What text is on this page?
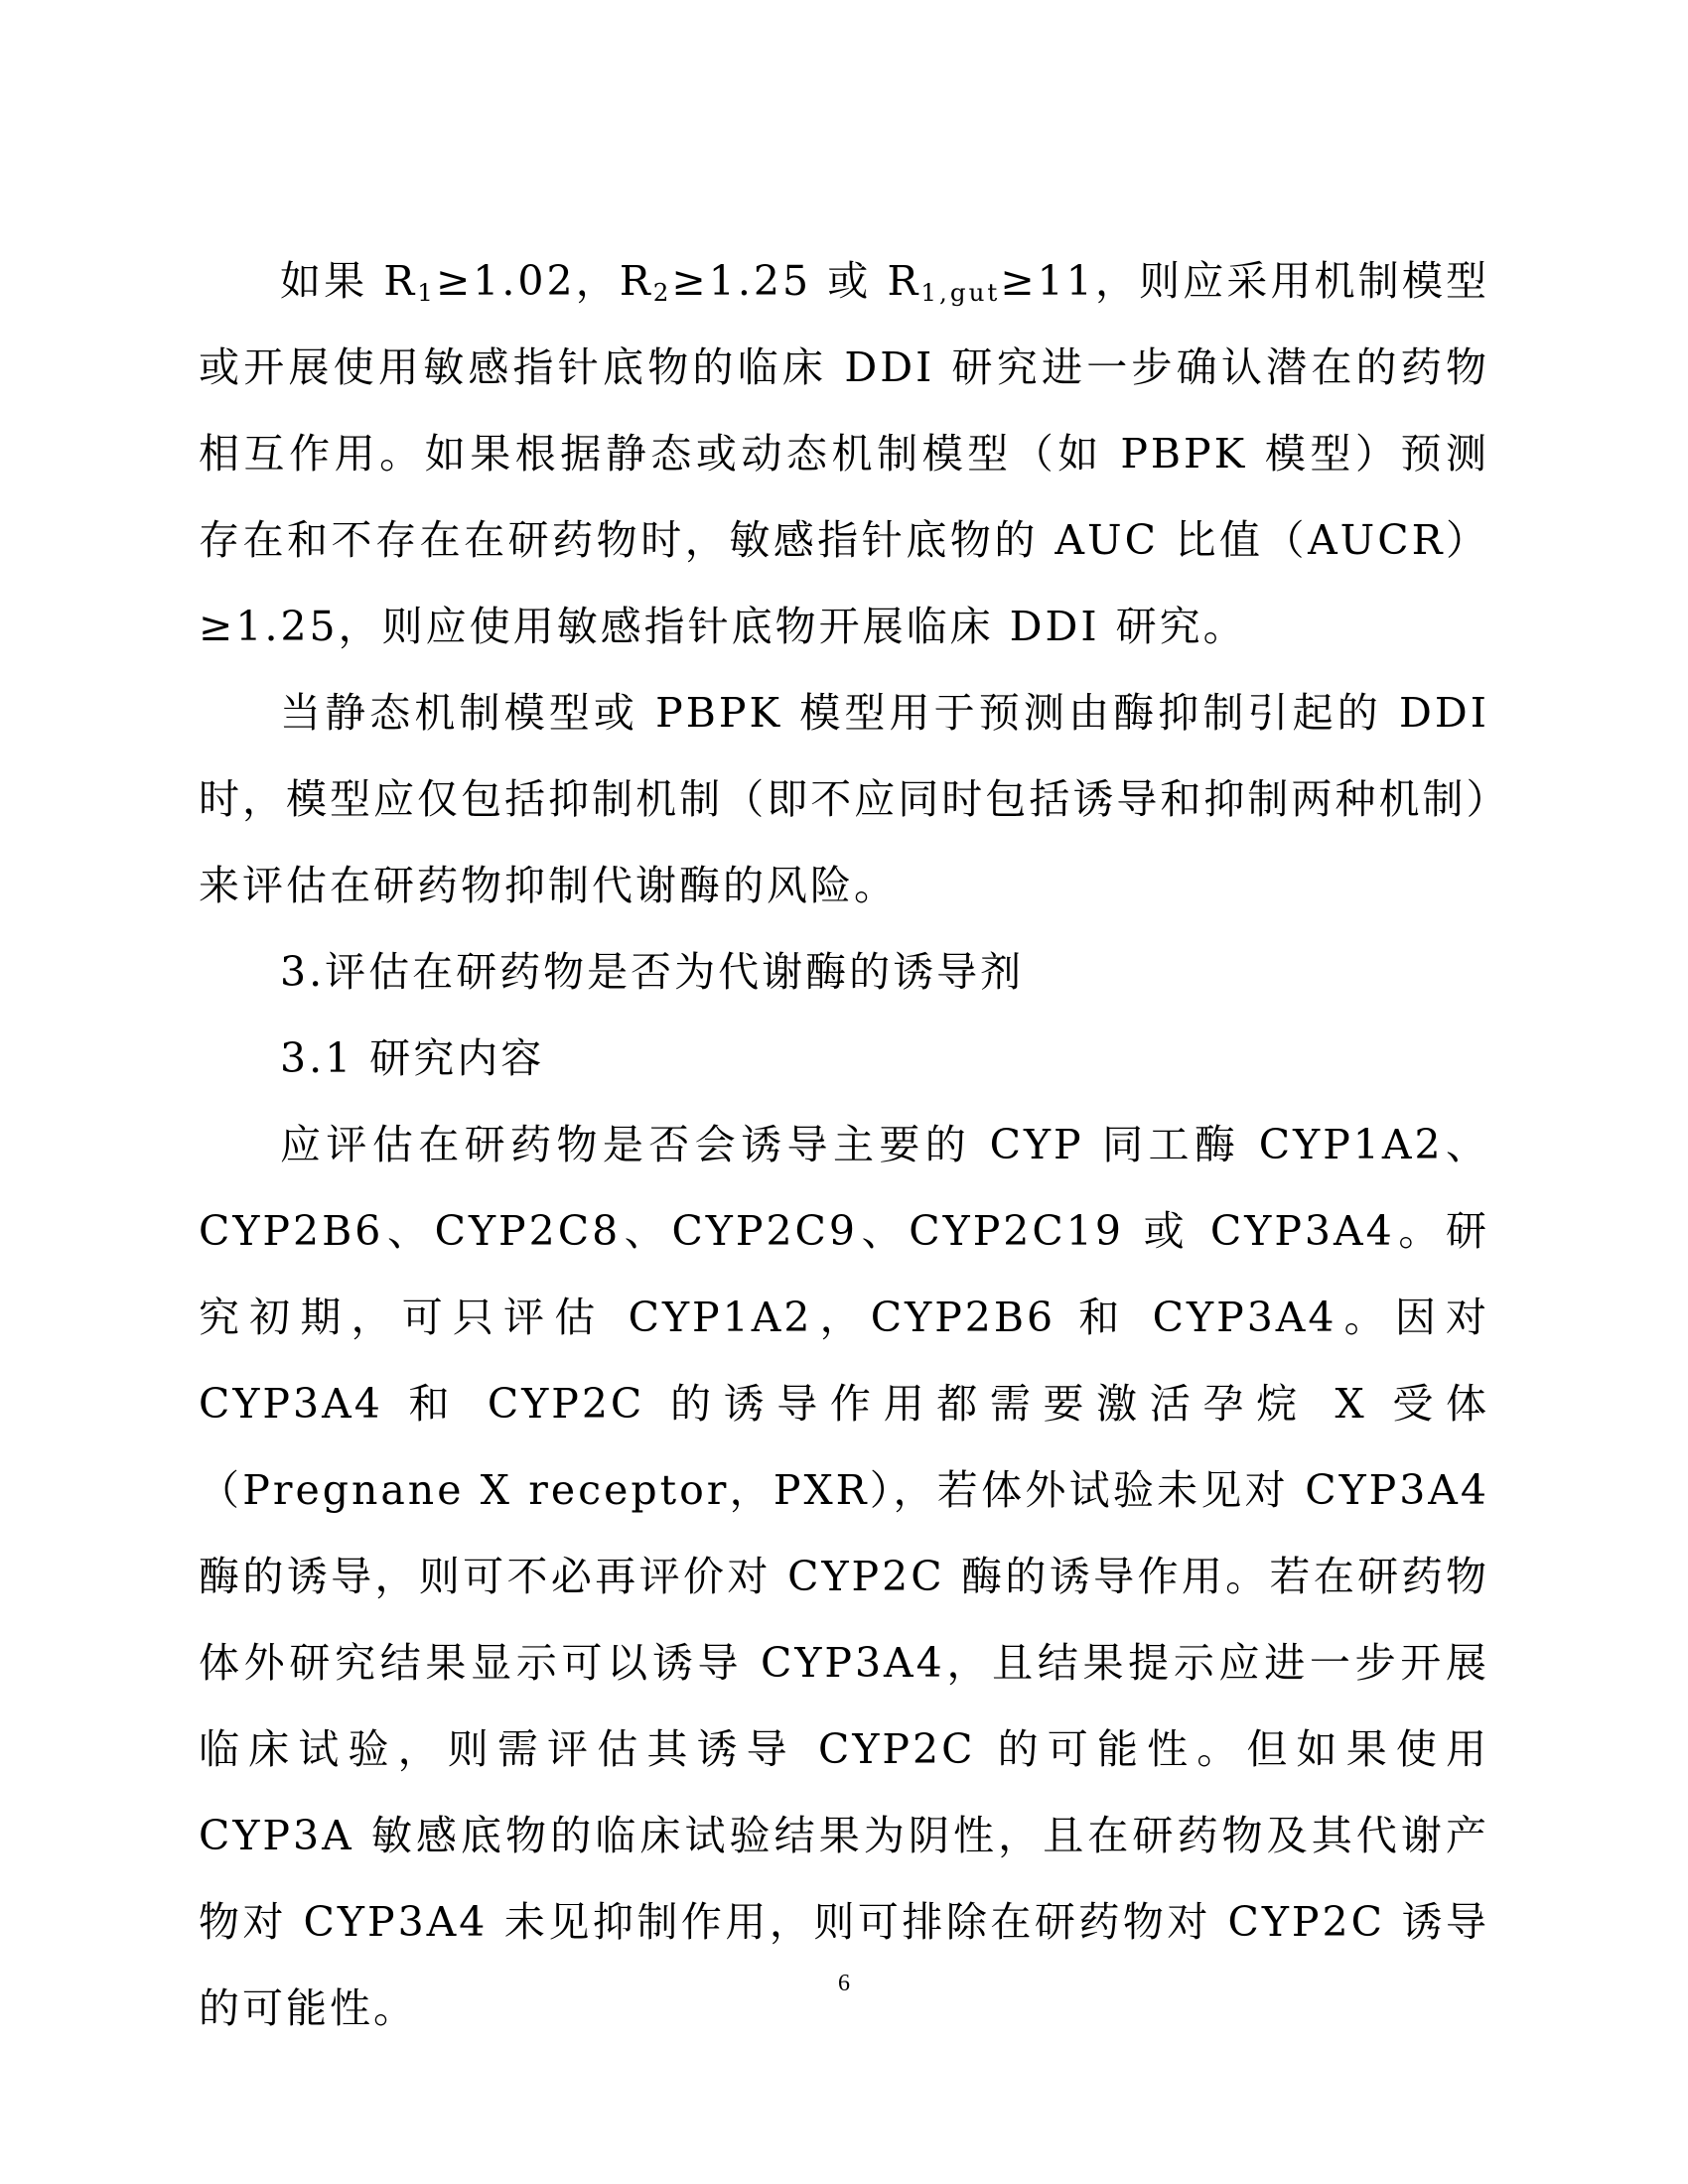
如果 $R_1\ge 1.02$，$R_2\ge 1.25$ 或 $R_{1,gut}\ge 11$，则应采用机制模型或开展使用敏感指针底物的临床 DDI 研究进一步确认潜在的药物相互作用。如果根据静态或动态机制模型（如 PBPK 模型）预测存在和不存在在研药物时，敏感指针底物的 AUC 比值（AUCR）≥1.25，则应使用敏感指针底物开展临床 DDI 研究。

当静态机制模型或 PBPK 模型用于预测由酶抑制引起的 DDI 时，模型应仅包括抑制机制（即不应同时包括诱导和抑制两种机制）来评估在研药物抑制代谢酶的风险。

3.评估在研药物是否为代谢酶的诱导剂

3.1 研究内容

应评估在研药物是否会诱导主要的 CYP 同工酶 CYP1A2、CYP2B6、CYP2C8、CYP2C9、CYP2C19 或 CYP3A4。研究初期，可只评估 CYP1A2，CYP2B6 和 CYP3A4。因对 CYP3A4 和 CYP2C 的诱导作用都需要激活孕烷 X 受体（Pregnane X receptor，PXR），若体外试验未见对 CYP3A4 酶的诱导，则可不必再评价对 CYP2C 酶的诱导作用。若在研药物体外研究结果显示可以诱导 CYP3A4，且结果提示应进一步开展临床试验，则需评估其诱导 CYP2C 的可能性。但如果使用 CYP3A 敏感底物的临床试验结果为阴性，且在研药物及其代谢产物对 CYP3A4 未见抑制作用，则可排除在研药物对 CYP2C 诱导的可能性。

6
